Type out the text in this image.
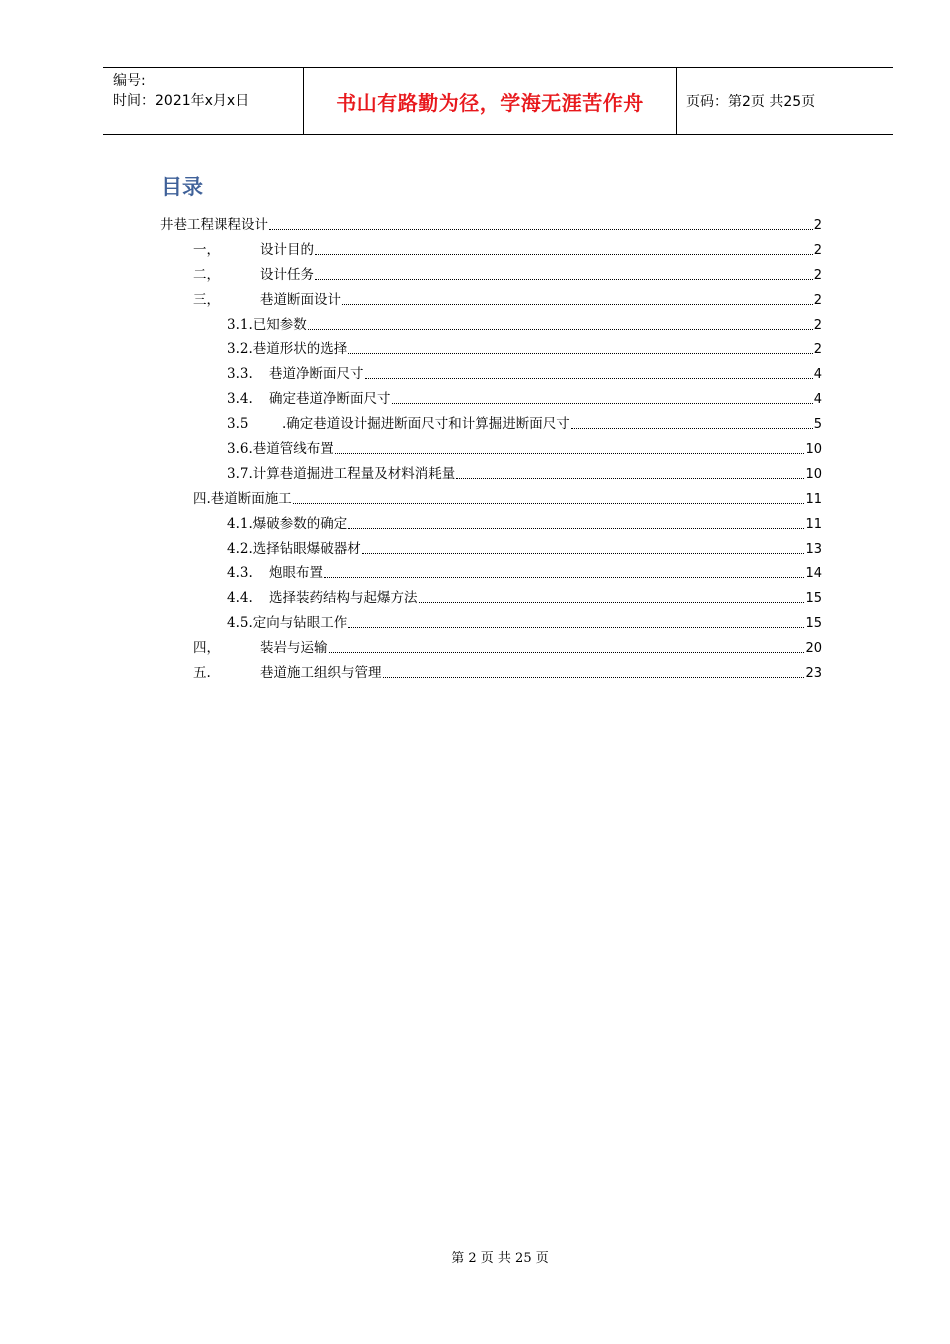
编号:
时间：2021年x月x日	书山有路勤为径，学海无涯苦作舟	页码：第2页 共25页
目录
井巷工程课程设计	2
一，	设计目的	2
二，	设计任务	2
三，	巷道断面设计	2
3.1. 已知参数	2
3.2. 巷道形状的选择	2
3.3.	巷道净断面尺寸	4
3.4.	确定巷道净断面尺寸	4
3.5	.确定巷道设计掘进断面尺寸和计算掘进断面尺寸	5
3.6. 巷道管线布置	10
3.7. 计算巷道掘进工程量及材料消耗量	10
四. 巷道断面施工	11
4.1. 爆破参数的确定	11
4.2. 选择钻眼爆破器材	13
4.3.	炮眼布置	14
4.4.	选择装药结构与起爆方法	15
4.5. 定向与钻眼工作	15
四，	装岩与运输	20
五.	巷道施工组织与管理	23
第 2 页 共 25 页
